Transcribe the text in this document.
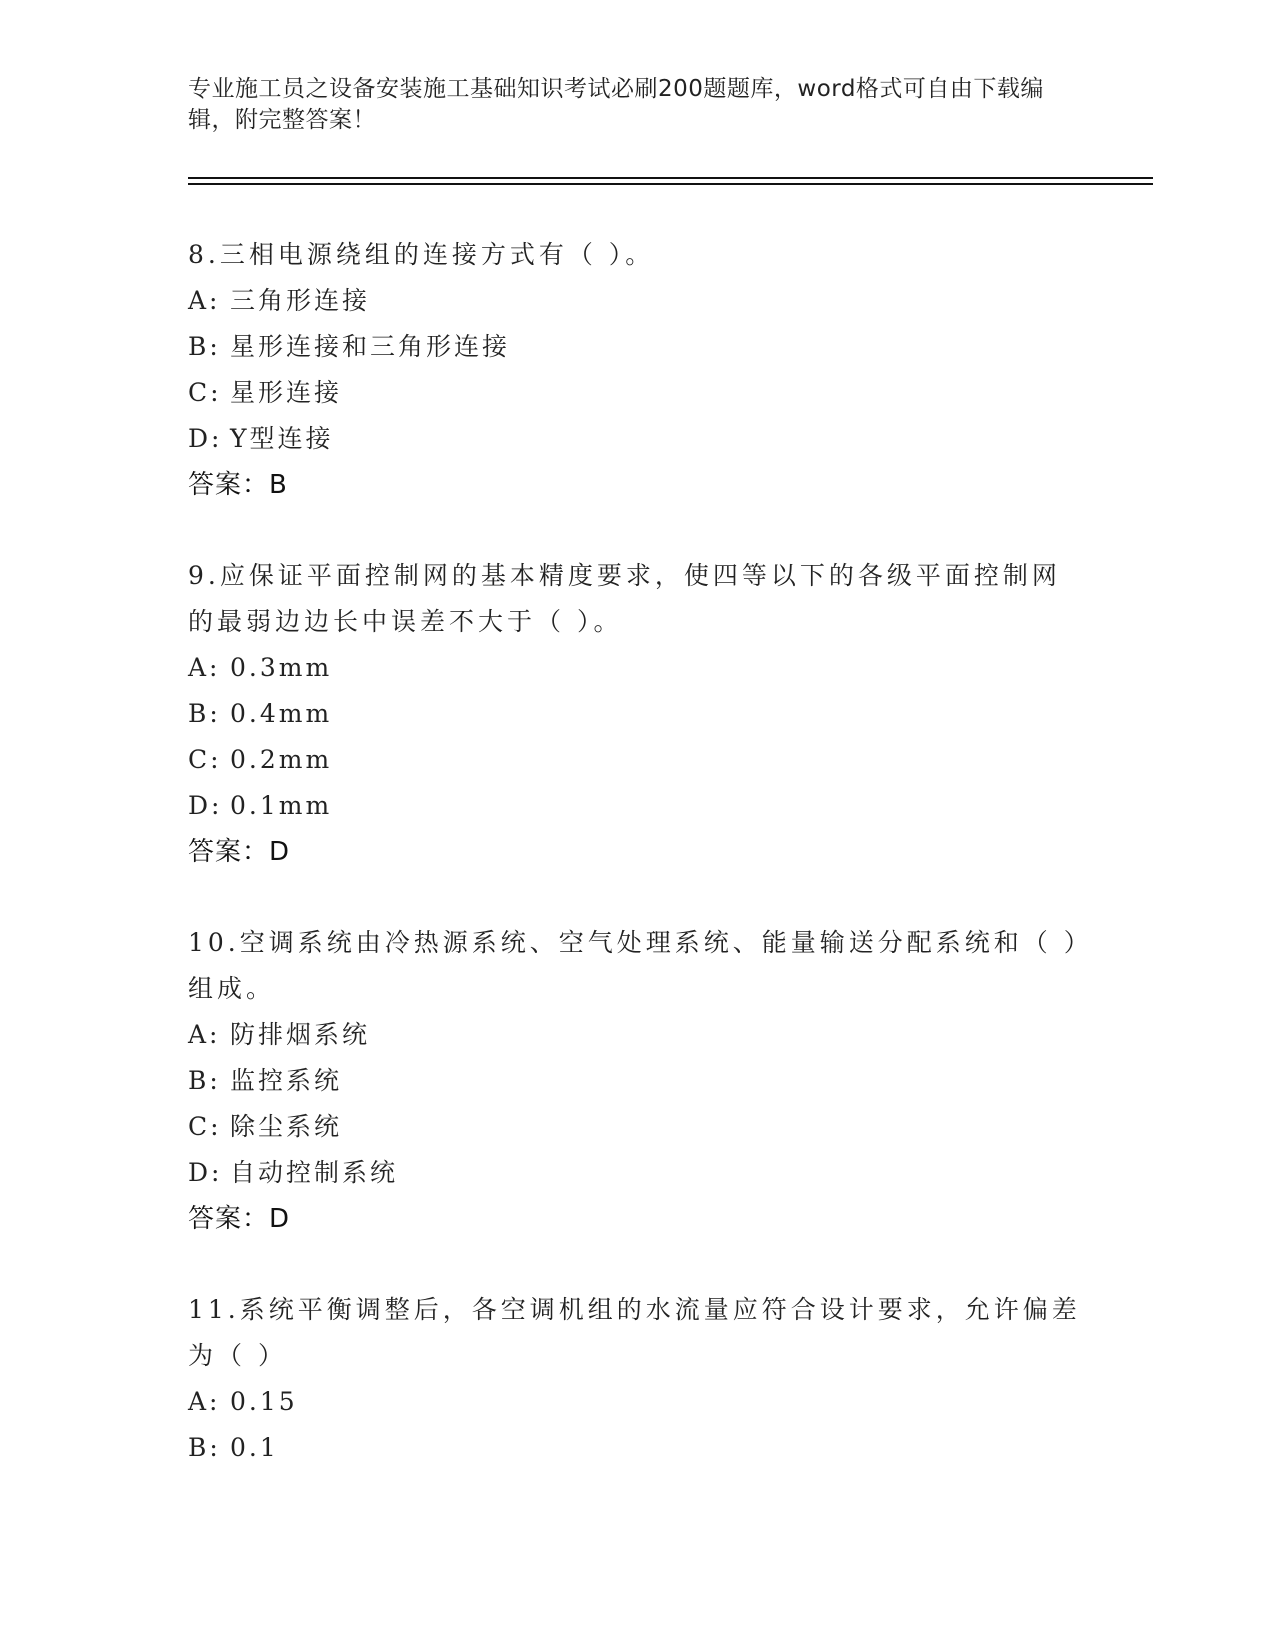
专业施工员之设备安装施工基础知识考试必刷200题题库，word格式可自由下载编辑，附完整答案！
8.三相电源绕组的连接方式有（ ）。
A: 三角形连接
B: 星形连接和三角形连接
C: 星形连接
D: Y型连接
答案：B
9.应保证平面控制网的基本精度要求，使四等以下的各级平面控制网的最弱边边长中误差不大于（ ）。
A: 0.3mm
B: 0.4mm
C: 0.2mm
D: 0.1mm
答案：D
10.空调系统由冷热源系统、空气处理系统、能量输送分配系统和（ ）组成。
A: 防排烟系统
B: 监控系统
C: 除尘系统
D: 自动控制系统
答案：D
11.系统平衡调整后，各空调机组的水流量应符合设计要求，允许偏差为（ ）
A: 0.15
B: 0.1
